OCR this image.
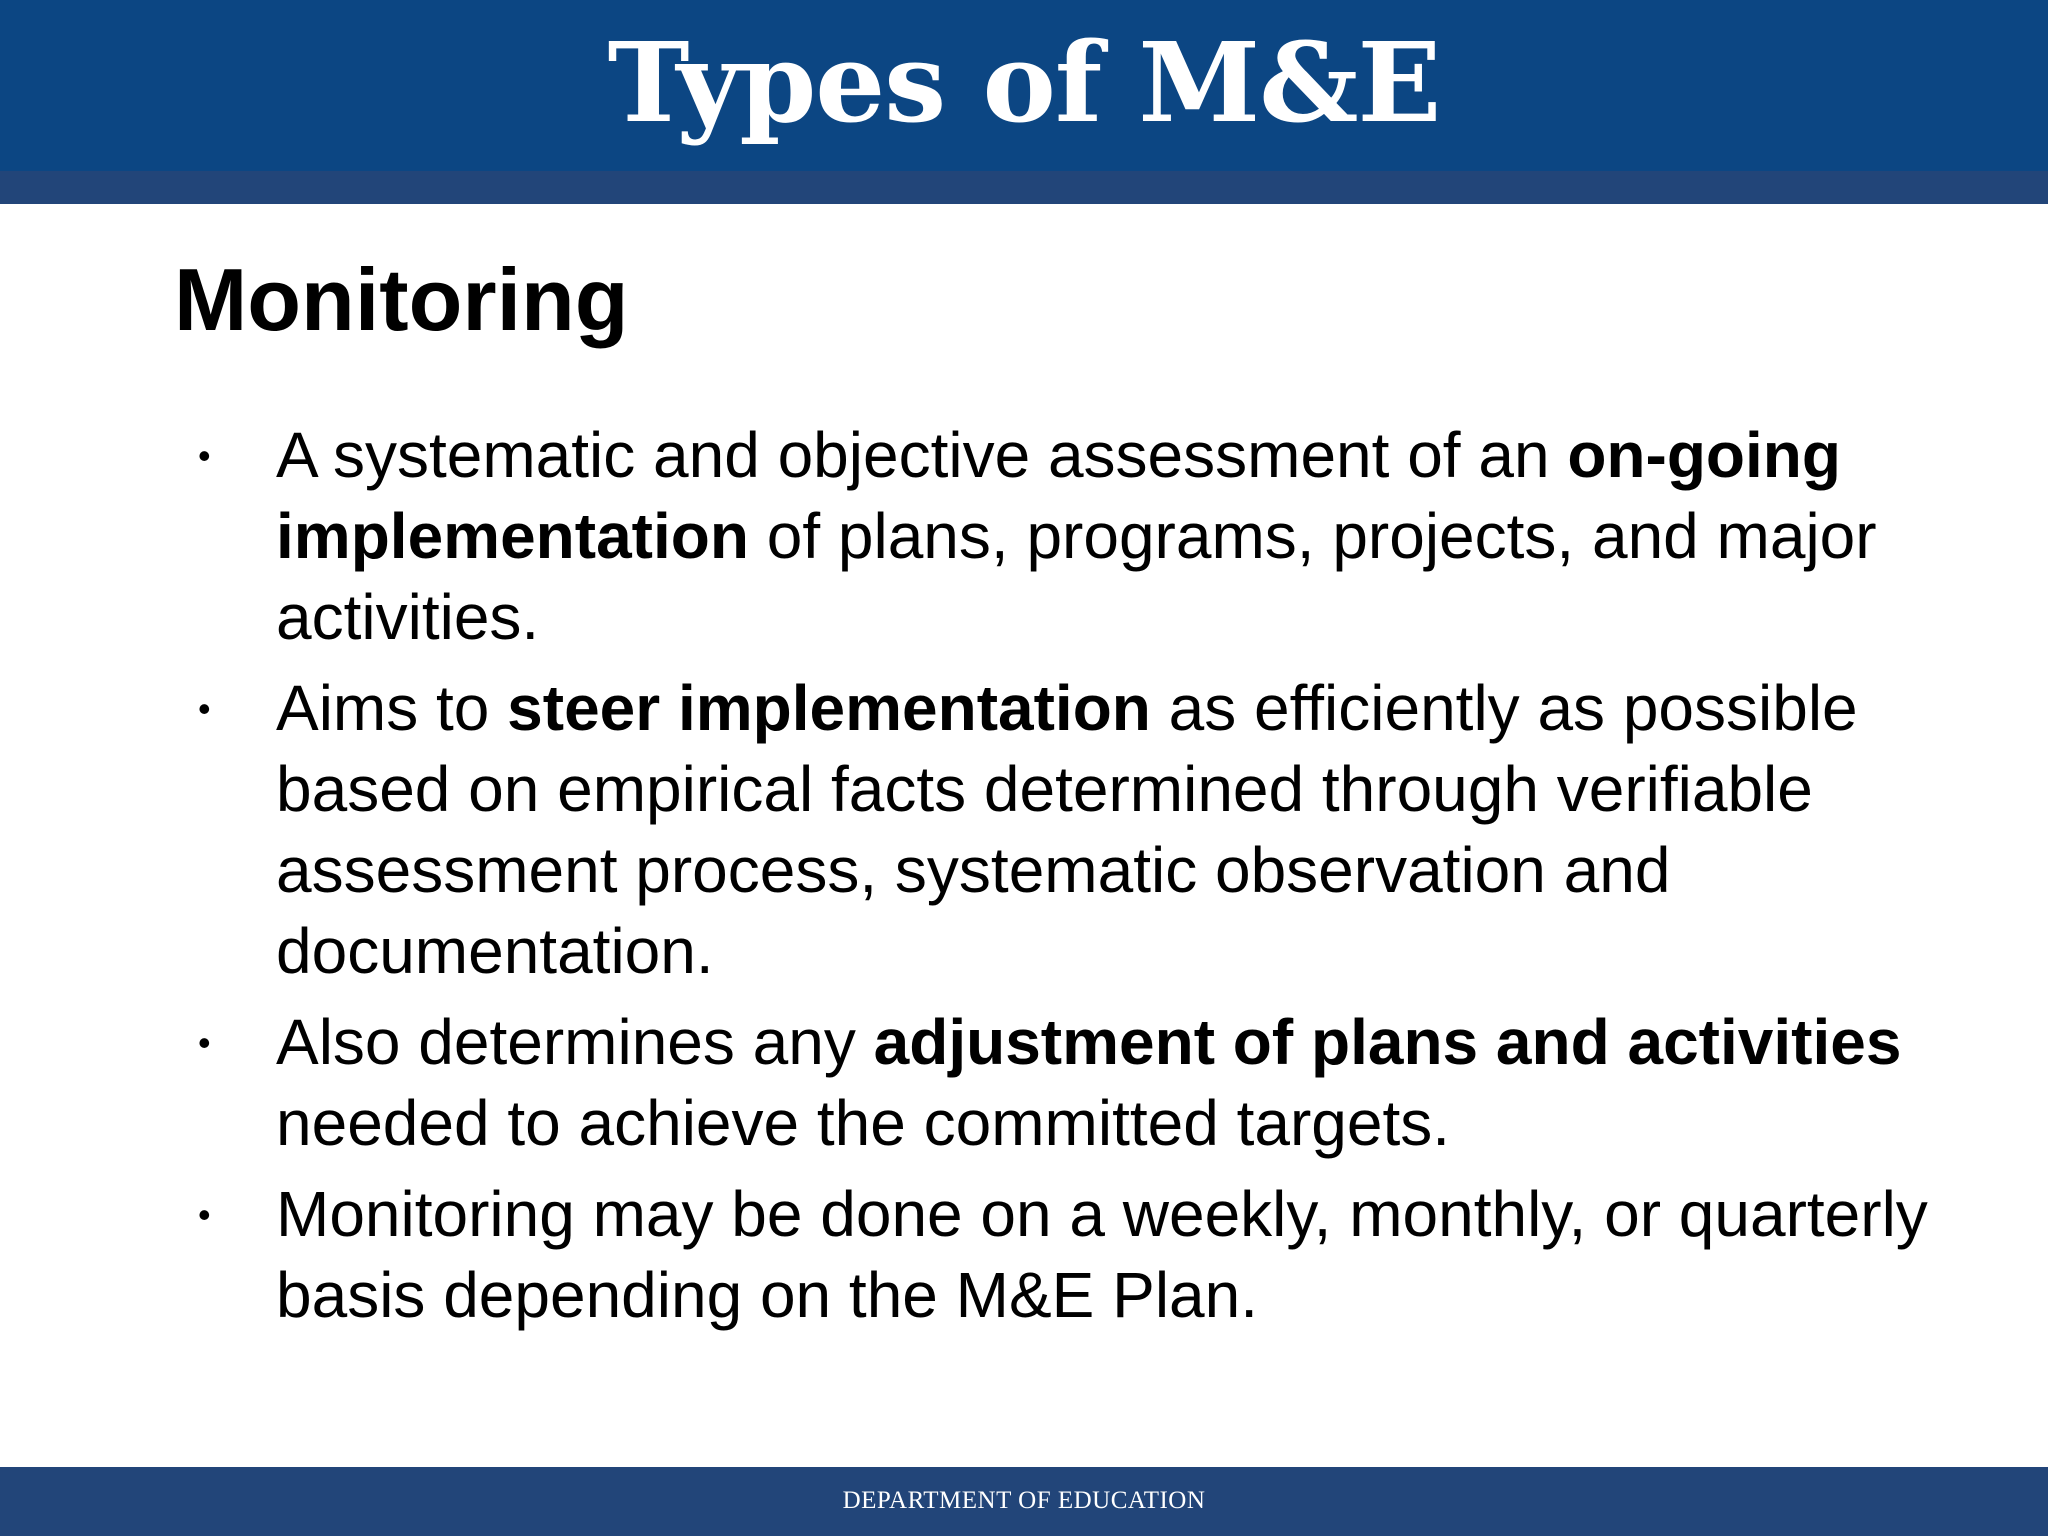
Types of M&E
Monitoring
• A systematic and objective assessment of an on-going implementation of plans, programs, projects, and major activities.
• Aims to steer implementation as efficiently as possible based on empirical facts determined through verifiable assessment process, systematic observation and documentation.
• Also determines any adjustment of plans and activities needed to achieve the committed targets.
• Monitoring may be done on a weekly, monthly, or quarterly basis depending on the M&E Plan.
DEPARTMENT OF EDUCATION
